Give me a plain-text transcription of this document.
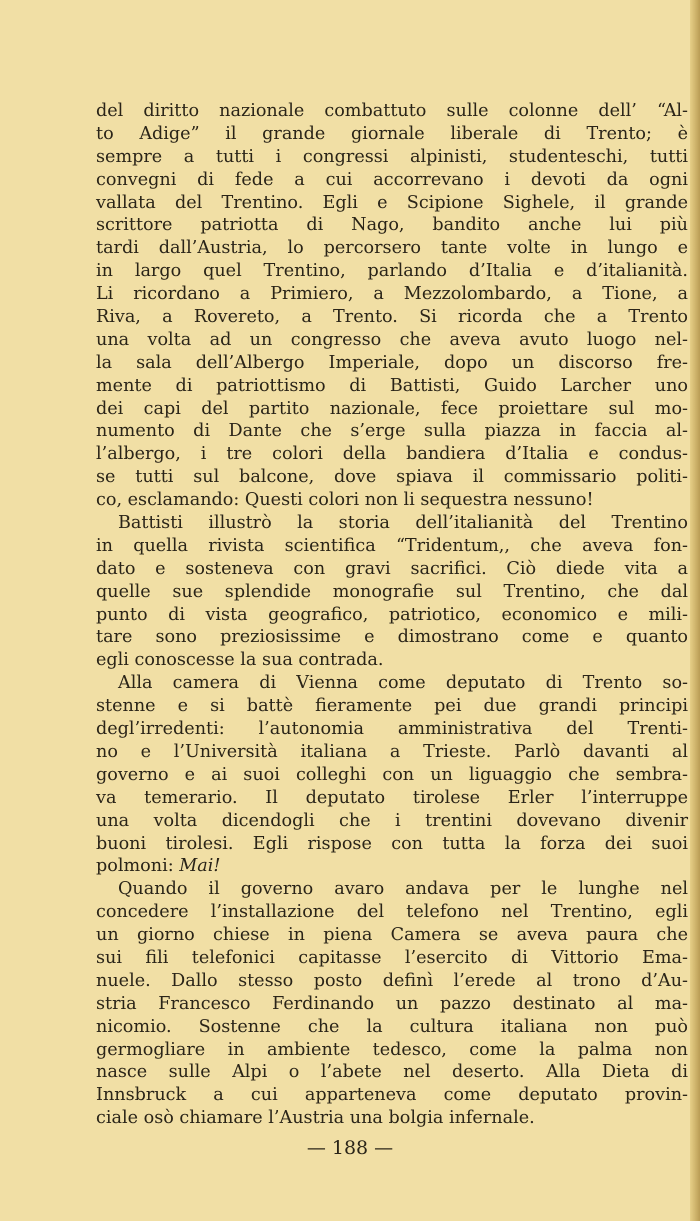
del diritto nazionale combattuto sulle colonne dell’ “Al-
to Adige” il grande giornale liberale di Trento; è
sempre a tutti i congressi alpinisti, studenteschi, tutti
convegni di fede a cui accorrevano i devoti da ogni
vallata del Trentino. Egli e Scipione Sighele, il grande
scrittore patriotta di Nago, bandito anche lui più
tardi dall’Austria, lo percorsero tante volte in lungo e
in largo quel Trentino, parlando d’Italia e d’italianità.
Li ricordano a Primiero, a Mezzolombardo, a Tione, a
Riva, a Rovereto, a Trento. Si ricorda che a Trento
una volta ad un congresso che aveva avuto luogo nel-
la sala dell’Albergo Imperiale, dopo un discorso fre-
mente di patriottismo di Battisti, Guido Larcher uno
dei capi del partito nazionale, fece proiettare sul mo-
numento di Dante che s’erge sulla piazza in faccia al-
l’albergo, i tre colori della bandiera d’Italia e condus-
se tutti sul balcone, dove spiava il commissario politi-
co, esclamando: Questi colori non li sequestra nessuno!
Battisti illustrò la storia dell’italianità del Trentino
in quella rivista scientifica “Tridentum,, che aveva fon-
dato e sosteneva con gravi sacrifici. Ciò diede vita a
quelle sue splendide monografie sul Trentino, che dal
punto di vista geografico, patriotico, economico e mili-
tare sono preziosissime e dimostrano come e quanto
egli conoscesse la sua contrada.
Alla camera di Vienna come deputato di Trento so-
stenne e si battè fieramente pei due grandi principi
degl’irredenti: l’autonomia amministrativa del Trenti-
no e l’Università italiana a Trieste. Parlò davanti al
governo e ai suoi colleghi con un liguaggio che sembra-
va temerario. Il deputato tirolese Erler l’interruppe
una volta dicendogli che i trentini dovevano divenir
buoni tirolesi. Egli rispose con tutta la forza dei suoi
polmoni: Mai!
Quando il governo avaro andava per le lunghe nel
concedere l’installazione del telefono nel Trentino, egli
un giorno chiese in piena Camera se aveva paura che
sui fili telefonici capitasse l’esercito di Vittorio Ema-
nuele. Dallo stesso posto definì l’erede al trono d’Au-
stria Francesco Ferdinando un pazzo destinato al ma-
nicomio. Sostenne che la cultura italiana non può
germogliare in ambiente tedesco, come la palma non
nasce sulle Alpi o l’abete nel deserto. Alla Dieta di
Innsbruck a cui apparteneva come deputato provin-
ciale osò chiamare l’Austria una bolgia infernale.
— 188 —
